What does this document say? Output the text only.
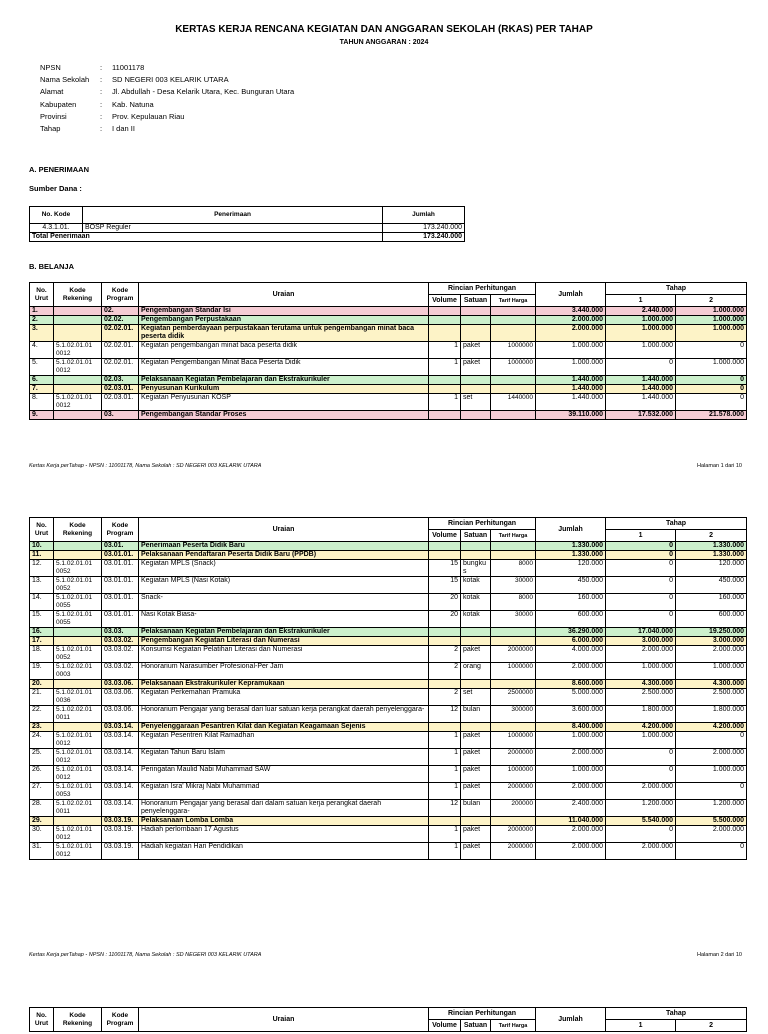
KERTAS KERJA RENCANA KEGIATAN DAN ANGGARAN SEKOLAH (RKAS) PER TAHAP
TAHUN ANGGARAN : 2024
NPSN	: 11001178
Nama Sekolah : SD NEGERI 003 KELARIK UTARA
Alamat	: Jl. Abdullah - Desa Kelarik Utara, Kec. Bunguran Utara
Kabupaten	: Kab. Natuna
Provinsi	: Prov. Kepulauan Riau
Tahap	: I dan II
A. PENERIMAAN
Sumber Dana :
No. Kode	Penerimaan	Jumlah
4.3.1.01.	BOSP Reguler	173.240.000
Total Penerimaan		173.240.000
B. BELANJA
No. Urut	Kode Rekening	Kode Program	Uraian	Rincian Perhitungan			Jumlah	Tahap	
				Volume	Satuan	Tarif Harga		1	2
1.		02.	Pengembangan Standar Isi				3.440.000	2.440.000	1.000.000
2.		02.02.	Pengembangan Perpustakaan				2.000.000	1.000.000	1.000.000
3.		02.02.01.	Kegiatan pemberdayaan perpustakaan terutama untuk pengembangan minat baca peserta didik				2.000.000	1.000.000	1.000.000
4.	5.1.02.01.01 0012	02.02.01.	Kegiatan pengembangan minat baca peserta didik	1	paket	1000000	1.000.000	1.000.000	0
5.	5.1.02.01.01 0012	02.02.01.	Kegiatan Pengembangan Minat Baca Peserta Didik	1	paket	1000000	1.000.000	0	1.000.000
6.		02.03.	Pelaksanaan Kegiatan Pembelajaran dan Ekstrakurikuler				1.440.000	1.440.000	0
7.		02.03.01.	Penyusunan Kurikulum				1.440.000	1.440.000	0
8.	5.1.02.01.01 0012	02.03.01.	Kegiatan Penyusunan KOSP	1	set	1440000	1.440.000	1.440.000	0
9.		03.	Pengembangan Standar Proses				39.110.000	17.532.000	21.578.000
Kertas Kerja perTahap - NPSN : 11001178, Nama Sekolah : SD NEGERI 003 KELARIK UTARA	Halaman 1 dari 10
No. Urut	Kode Rekening	Kode Program	Uraian	Rincian Perhitungan			Jumlah	Tahap	
				Volume	Satuan	Tarif Harga		1	2
10.		03.01.	Penerimaan Peserta Didik Baru				1.330.000	0	1.330.000
11.		03.01.01.	Pelaksanaan Pendaftaran Peserta Didik Baru (PPDB)				1.330.000	0	1.330.000
12.	5.1.02.01.01 0052	03.01.01.	Kegiatan MPLS (Snack)	15	bungku s	8000	120.000	0	120.000
13.	5.1.02.01.01 0052	03.01.01.	Kegiatan MPLS (Nasi Kotak)	15	kotak	30000	450.000	0	450.000
14.	5.1.02.01.01 0055	03.01.01.	Snack-	20	kotak	8000	160.000	0	160.000
15.	5.1.02.01.01 0055	03.01.01.	Nasi Kotak Biasa-	20	kotak	30000	600.000	0	600.000
16.		03.03.	Pelaksanaan Kegiatan Pembelajaran dan Ekstrakurikuler				36.290.000	17.040.000	19.250.000
17.		03.03.02.	Pengembangan Kegiatan Literasi dan Numerasi				6.000.000	3.000.000	3.000.000
18.	5.1.02.01.01 0052	03.03.02.	Konsumsi Kegiatan Pelatihan Literasi dan Numerasi	2	paket	2000000	4.000.000	2.000.000	2.000.000
19.	5.1.02.02.01 0003	03.03.02.	Honorarium Narasumber Profesional-Per Jam	2	orang	1000000	2.000.000	1.000.000	1.000.000
20.		03.03.06.	Pelaksanaan Ekstrakurikuler Kepramukaan				8.600.000	4.300.000	4.300.000
21.	5.1.02.01.01 0036	03.03.06.	Kegiatan Perkemahan Pramuka	2	set	2500000	5.000.000	2.500.000	2.500.000
22.	5.1.02.02.01 0011	03.03.06.	Honorarium Pengajar yang berasal dari luar satuan kerja perangkat daerah penyelenggara-	12	bulan	300000	3.600.000	1.800.000	1.800.000
23.		03.03.14.	Penyelenggaraan Pesantren Kilat dan Kegiatan Keagamaan Sejenis				8.400.000	4.200.000	4.200.000
24.	5.1.02.01.01 0012	03.03.14.	Kegiatan Pesentren Kilat Ramadhan	1	paket	1000000	1.000.000	1.000.000	0
25.	5.1.02.01.01 0012	03.03.14.	Kegiatan Tahun Baru Islam	1	paket	2000000	2.000.000	0	2.000.000
26.	5.1.02.01.01 0012	03.03.14.	Peringatan Maulid Nabi Muhammad SAW	1	paket	1000000	1.000.000	0	1.000.000
27.	5.1.02.01.01 0053	03.03.14.	Kegiatan Isra' Mikraj Nabi Muhammad	1	paket	2000000	2.000.000	2.000.000	0
28.	5.1.02.02.01 0011	03.03.14.	Honorarium Pengajar yang berasal dari dalam satuan kerja perangkat daerah penyelenggara-	12	bulan	200000	2.400.000	1.200.000	1.200.000
29.		03.03.19.	Pelaksanaan Lomba Lomba				11.040.000	5.540.000	5.500.000
30.	5.1.02.01.01 0012	03.03.19.	Hadiah perlombaan 17 Agustus	1	paket	2000000	2.000.000	0	2.000.000
31.	5.1.02.01.01 0012	03.03.19.	Hadiah kegiatan Hari Pendidikan	1	paket	2000000	2.000.000	2.000.000	0
Kertas Kerja perTahap - NPSN : 11001178, Nama Sekolah : SD NEGERI 003 KELARIK UTARA	Halaman 2 dari 10
No. Urut	Kode Rekening	Kode Program	Uraian	Rincian Perhitungan			Jumlah	Tahap	
				Volume	Satuan	Tarif Harga		1	2
